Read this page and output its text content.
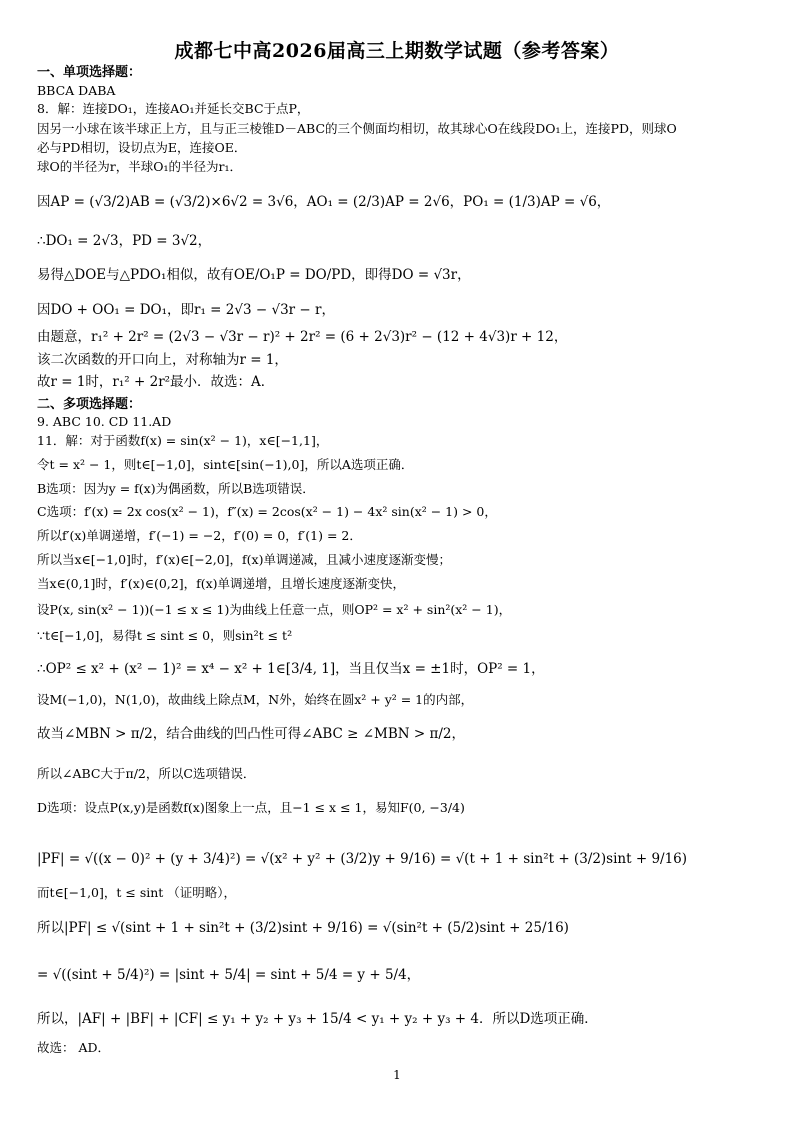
成都七中高2026届高三上期数学试题（参考答案）
一、单项选择题：
BBCA DABA
8．解：连接DO₁，连接AO₁并延长交BC于点P，
因另一小球在该半球正上方，且与正三棱锥D－ABC的三个侧面均相切，故其球心O在线段DO₁上，连接PD，则球O
必与PD相切，设切点为E，连接OE．
球O的半径为r，半球O₁的半径为r₁．
因AP = (√3/2)AB = (√3/2)×6√2 = 3√6，AO₁ = (2/3)AP = 2√6，PO₁ = (1/3)AP = √6，
∴DO₁ = 2√3，PD = 3√2，
易得△DOE与△PDO₁相似，故有OE/O₁P = DO/PD，即得DO = √3r，
因DO + OO₁ = DO₁，即r₁ = 2√3 − √3r − r，
由题意，r₁² + 2r² = (2√3 − √3r − r)² + 2r² = (6 + 2√3)r² − (12 + 4√3)r + 12，
该二次函数的开口向上，对称轴为r = 1，
故r = 1时，r₁² + 2r²最小．故选：A．
二、多项选择题：
9. ABC 10. CD 11.AD
11．解：对于函数f(x) = sin(x² − 1)，x∈[−1,1]，
令t = x² − 1，则t∈[−1,0]，sint∈[sin(−1),0]，所以A选项正确．
B选项：因为y = f(x)为偶函数，所以B选项错误．
C选项：f′(x) = 2x cos(x² − 1)，f″(x) = 2cos(x² − 1) − 4x² sin(x² − 1) > 0，
所以f′(x)单调递增，f′(−1) = −2，f′(0) = 0，f′(1) = 2．
所以当x∈[−1,0]时，f′(x)∈[−2,0]，f(x)单调递减，且减小速度逐渐变慢；
当x∈(0,1]时，f′(x)∈(0,2]，f(x)单调递增，且增长速度逐渐变快，
设P(x, sin(x² − 1))(−1 ≤ x ≤ 1)为曲线上任意一点，则OP² = x² + sin²(x² − 1)，
∵t∈[−1,0]，易得t ≤ sint ≤ 0，则sin²t ≤ t²
∴OP² ≤ x² + (x² − 1)² = x⁴ − x² + 1∈[3/4, 1]，当且仅当x = ±1时，OP² = 1，
设M(−1,0)，N(1,0)，故曲线上除点M，N外，始终在圆x² + y² = 1的内部，
故当∠MBN > π/2，结合曲线的凹凸性可得∠ABC ≥ ∠MBN > π/2，
所以∠ABC大于π/2，所以C选项错误．
D选项：设点P(x,y)是函数f(x)图象上一点，且−1 ≤ x ≤ 1，易知F(0, −3/4)
|PF| = √((x − 0)² + (y + 3/4)²) = √(x² + y² + (3/2)y + 9/16) = √(t + 1 + sin²t + (3/2)sint + 9/16)
而t∈[−1,0]，t ≤ sint （证明略），
所以|PF| ≤ √(sint + 1 + sin²t + (3/2)sint + 9/16) = √(sin²t + (5/2)sint + 25/16)
= √((sint + 5/4)²) = |sint + 5/4| = sint + 5/4 = y + 5/4，
所以，|AF| + |BF| + |CF| ≤ y₁ + y₂ + y₃ + 15/4 < y₁ + y₂ + y₃ + 4．所以D选项正确．
故选： AD．
1
